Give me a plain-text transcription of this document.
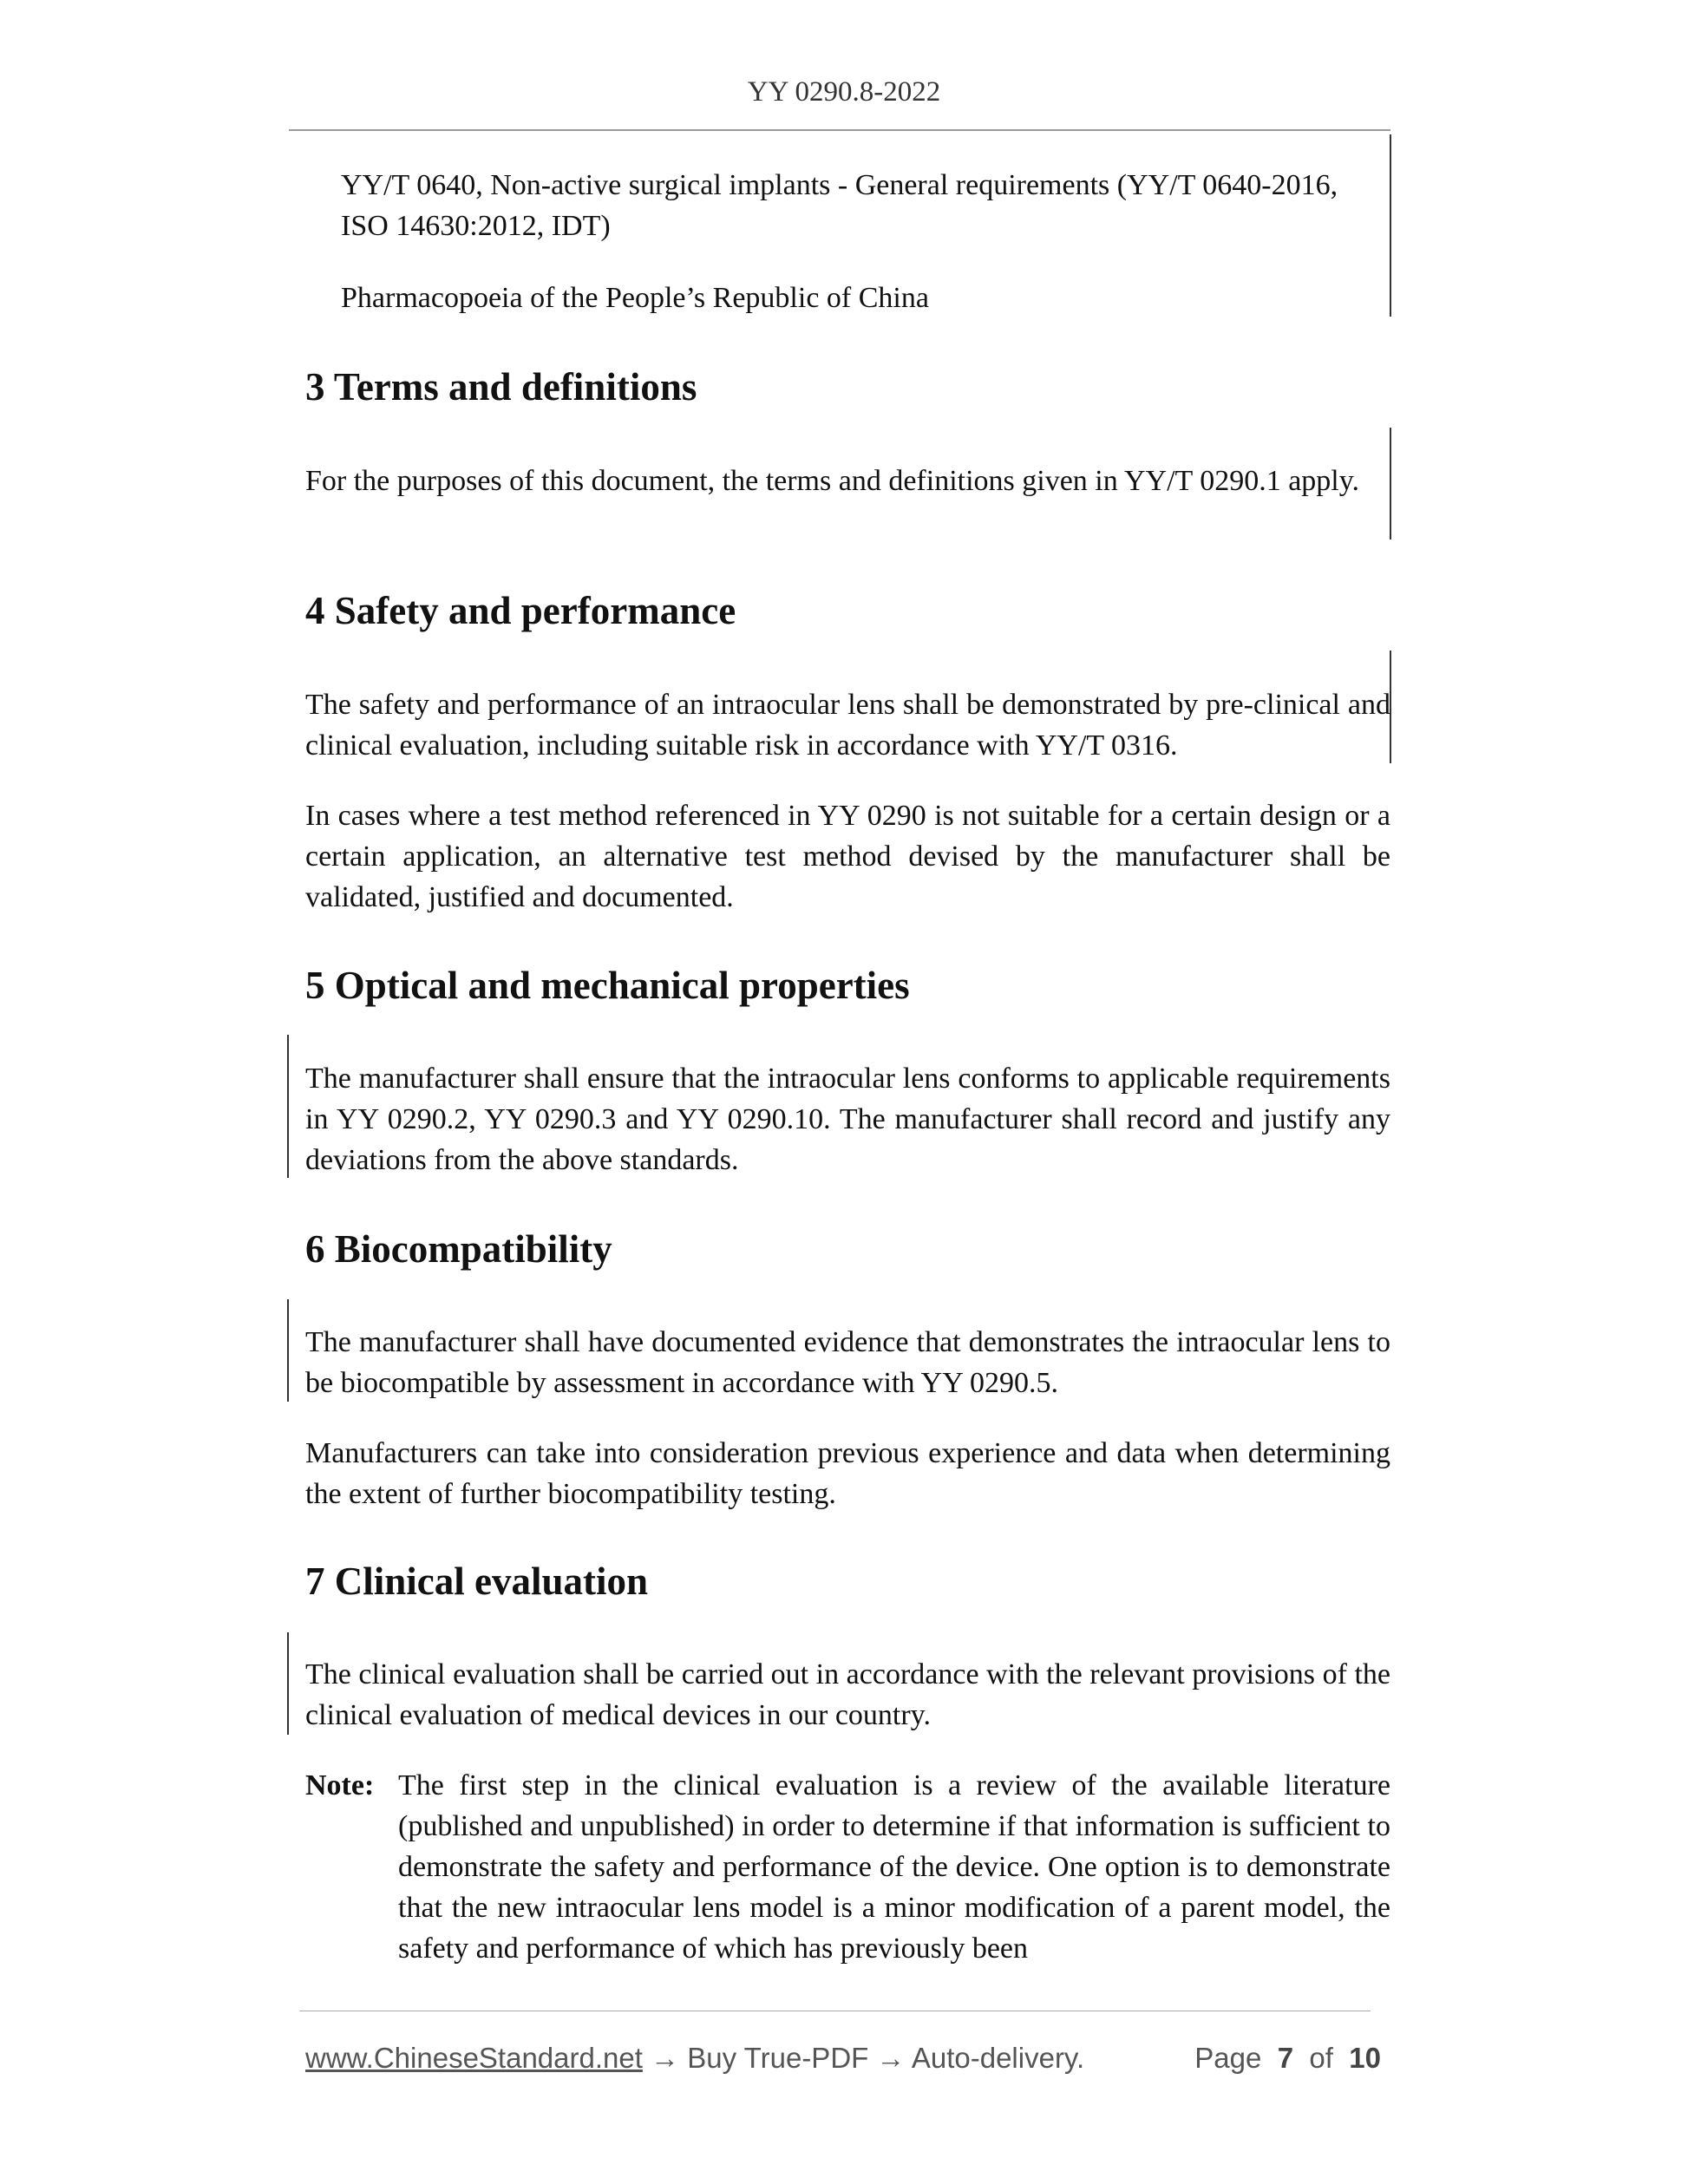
YY 0290.8-2022
YY/T 0640, Non-active surgical implants - General requirements (YY/T 0640-2016,
ISO 14630:2012, IDT)
Pharmacopoeia of the People’s Republic of China
3 Terms and definitions
For the purposes of this document, the terms and definitions given in YY/T 0290.1 apply.
4 Safety and performance
The safety and performance of an intraocular lens shall be demonstrated by pre-clinical and clinical evaluation, including suitable risk in accordance with YY/T 0316.
In cases where a test method referenced in YY 0290 is not suitable for a certain design or a certain application, an alternative test method devised by the manufacturer shall be validated, justified and documented.
5 Optical and mechanical properties
The manufacturer shall ensure that the intraocular lens conforms to applicable requirements in YY 0290.2, YY 0290.3 and YY 0290.10. The manufacturer shall record and justify any deviations from the above standards.
6 Biocompatibility
The manufacturer shall have documented evidence that demonstrates the intraocular lens to be biocompatible by assessment in accordance with YY 0290.5.
Manufacturers can take into consideration previous experience and data when determining the extent of further biocompatibility testing.
7 Clinical evaluation
The clinical evaluation shall be carried out in accordance with the relevant provisions of the clinical evaluation of medical devices in our country.
Note: The first step in the clinical evaluation is a review of the available literature (published and unpublished) in order to determine if that information is sufficient to demonstrate the safety and performance of the device. One option is to demonstrate that the new intraocular lens model is a minor modification of a parent model, the safety and performance of which has previously been
www.ChineseStandard.net → Buy True-PDF → Auto-delivery.	Page 7 of 10
